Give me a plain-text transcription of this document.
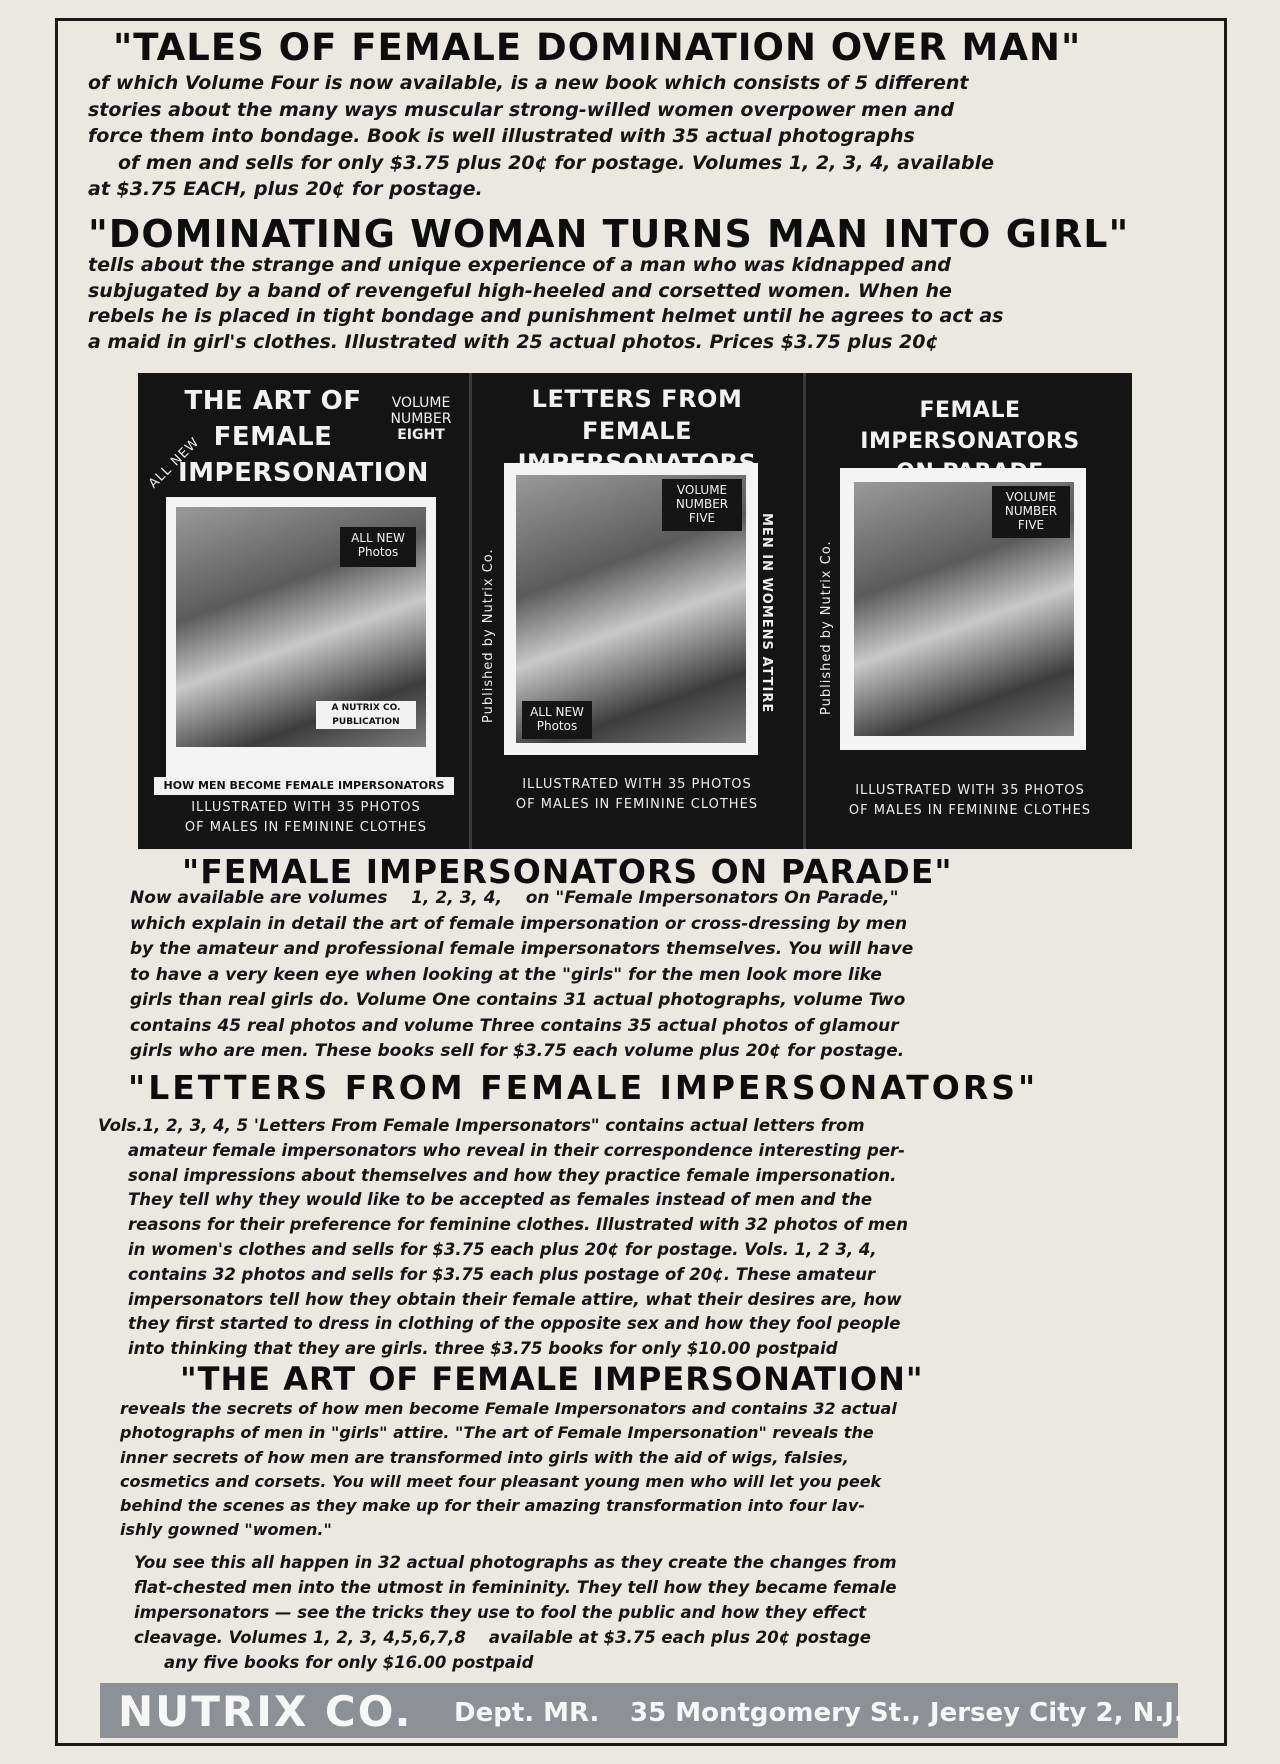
"TALES OF FEMALE DOMINATION OVER MAN"
of which Volume Four is now available, is a new book which consists of 5 different
stories about the many ways muscular strong-willed women overpower men and
force them into bondage. Book is well illustrated with 35 actual photographs
of men and sells for only $3.75 plus 20¢ for postage. Volumes 1, 2, 3, 4, available
at $3.75 EACH, plus 20¢ for postage.
"DOMINATING WOMAN TURNS MAN INTO GIRL"
tells about the strange and unique experience of a man who was kidnapped and
subjugated by a band of revengeful high-heeled and corsetted women. When he
rebels he is placed in tight bondage and punishment helmet until he agrees to act as
a maid in girl's clothes. Illustrated with 25 actual photos. Prices $3.75 plus 20¢
ALL NEW
THE ART OF
FEMALE
IMPERSONATION
VOLUME
NUMBER
EIGHT
ALL NEW
Photos
A NUTRIX CO.
PUBLICATION
HOW MEN BECOME FEMALE IMPERSONATORS
ILLUSTRATED WITH 35 PHOTOS
OF MALES IN FEMININE CLOTHES
LETTERS FROM
FEMALE
VOLUME
NUMBER
FIVE
ALL NEW
Photos
Published by Nutrix Co.	MEN IN WOMENS ATTIRE
ILLUSTRATED WITH 35 PHOTOS
OF MALES IN FEMININE CLOTHES
FEMALE IMPERSONATORS
VOLUME
NUMBER
FIVE
Published by Nutrix Co.
ILLUSTRATED WITH 35 PHOTOS
OF MALES IN FEMININE CLOTHES
"FEMALE IMPERSONATORS ON PARADE"
Now available are volumes    1, 2, 3, 4,    on "Female Impersonators On Parade,"
which explain in detail the art of female impersonation or cross-dressing by men
by the amateur and professional female impersonators themselves. You will have
to have a very keen eye when looking at the "girls" for the men look more like
girls than real girls do. Volume One contains 31 actual photographs, volume Two
contains 45 real photos and volume Three contains 35 actual photos of glamour
girls who are men. These books sell for $3.75 each volume plus 20¢ for postage.
"LETTERS FROM FEMALE IMPERSONATORS"
Vols.1, 2, 3, 4, 5 'Letters From Female Impersonators" contains actual letters from
amateur female impersonators who reveal in their correspondence interesting per-
sonal impressions about themselves and how they practice female impersonation.
They tell why they would like to be accepted as females instead of men and the
reasons for their preference for feminine clothes. Illustrated with 32 photos of men
in women's clothes and sells for $3.75 each plus 20¢ for postage. Vols. 1, 2 3, 4,
contains 32 photos and sells for $3.75 each plus postage of 20¢. These amateur
impersonators tell how they obtain their female attire, what their desires are, how
they first started to dress in clothing of the opposite sex and how they fool people
into thinking that they are girls. three $3.75 books for only $10.00 postpaid
"THE ART OF FEMALE IMPERSONATION"
reveals the secrets of how men become Female Impersonators and contains 32 actual
photographs of men in "girls" attire. "The art of Female Impersonation" reveals the
inner secrets of how men are transformed into girls with the aid of wigs, falsies,
cosmetics and corsets. You will meet four pleasant young men who will let you peek
behind the scenes as they make up for their amazing transformation into four lav-
ishly gowned "women."
You see this all happen in 32 actual photographs as they create the changes from
flat-chested men into the utmost in femininity. They tell how they became female
impersonators — see the tricks they use to fool the public and how they effect
cleavage. Volumes 1, 2, 3, 4,5,6,7,8    available at $3.75 each plus 20¢ postage
any five books for only $16.00 postpaid
NUTRIX CO. Dept. MR. 35 Montgomery St., Jersey City 2, N.J.
